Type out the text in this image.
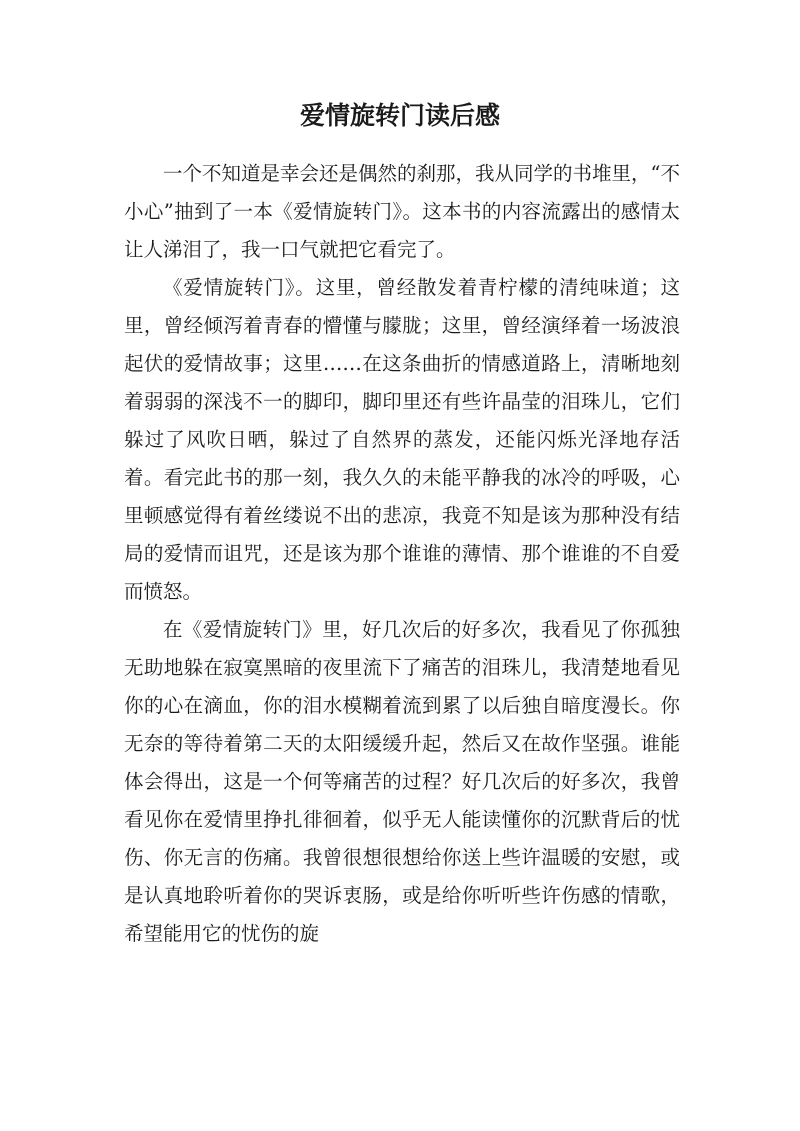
爱情旋转门读后感

一个不知道是幸会还是偶然的刹那，我从同学的书堆里，“不小心”抽到了一本《爱情旋转门》。这本书的内容流露出的感情太让人涕泪了，我一口气就把它看完了。

《爱情旋转门》。这里，曾经散发着青柠檬的清纯味道；这里，曾经倾泻着青春的懵懂与朦胧；这里，曾经演绎着一场波浪起伏的爱情故事；这里……在这条曲折的情感道路上，清晰地刻着弱弱的深浅不一的脚印，脚印里还有些许晶莹的泪珠儿，它们躲过了风吹日晒，躲过了自然界的蒸发，还能闪烁光泽地存活着。看完此书的那一刻，我久久的未能平静我的冰冷的呼吸，心里顿感觉得有着丝缕说不出的悲凉，我竟不知是该为那种没有结局的爱情而诅咒，还是该为那个谁谁的薄情、那个谁谁的不自爱而愤怒。

在《爱情旋转门》里，好几次后的好多次，我看见了你孤独无助地躲在寂寞黑暗的夜里流下了痛苦的泪珠儿，我清楚地看见你的心在滴血，你的泪水模糊着流到累了以后独自暗度漫长。你无奈的等待着第二天的太阳缓缓升起，然后又在故作坚强。谁能体会得出，这是一个何等痛苦的过程？好几次后的好多次，我曾看见你在爱情里挣扎徘徊着，似乎无人能读懂你的沉默背后的忧伤、你无言的伤痛。我曾很想很想给你送上些许温暖的安慰，或是认真地聆听着你的哭诉衷肠，或是给你听听些许伤感的情歌，希望能用它的忧伤的旋
